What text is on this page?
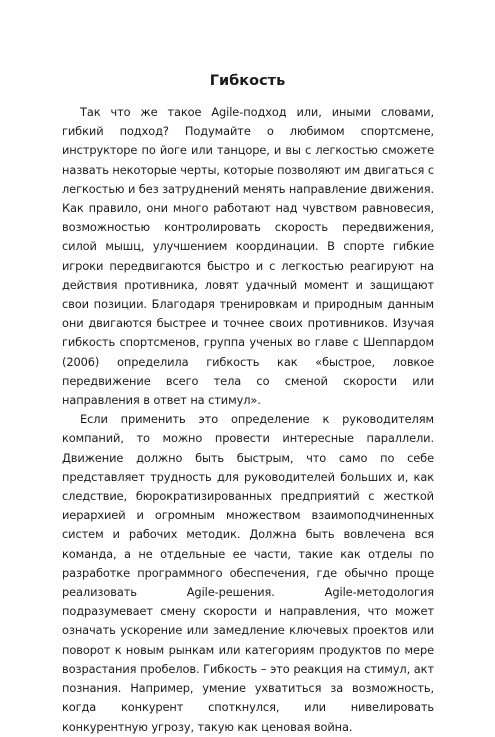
Гибкость

Так что же такое Agile-подход или, иными словами, гибкий подход? Подумайте о любимом спортсмене, инструкторе по йоге или танцоре, и вы с легкостью сможете назвать некоторые черты, которые позволяют им двигаться с легкостью и без затруднений менять направление движения. Как правило, они много работают над чувством равновесия, возможностью контролировать скорость передвижения, силой мышц, улучшением координации. В спорте гибкие игроки передвигаются быстро и с легкостью реагируют на действия противника, ловят удачный момент и защищают свои позиции. Благодаря тренировкам и природным данным они двигаются быстрее и точнее своих противников. Изучая гибкость спортсменов, группа ученых во главе с Шеппардом (2006) определила гибкость как «быстрое, ловкое передвижение всего тела со сменой скорости или направления в ответ на стимул».

Если применить это определение к руководителям компаний, то можно провести интересные параллели. Движение должно быть быстрым, что само по себе представляет трудность для руководителей больших и, как следствие, бюрократизированных предприятий с жесткой иерархией и огромным множеством взаимоподчиненных систем и рабочих методик. Должна быть вовлечена вся команда, а не отдельные ее части, такие как отделы по разработке программного обеспечения, где обычно проще реализовать Agile-решения. Agile-методология подразумевает смену скорости и направления, что может означать ускорение или замедление ключевых проектов или поворот к новым рынкам или категориям продуктов по мере возрастания пробелов. Гибкость – это реакция на стимул, акт познания. Например, умение ухватиться за возможность, когда конкурент споткнулся, или нивелировать конкурентную угрозу, такую как ценовая война.
